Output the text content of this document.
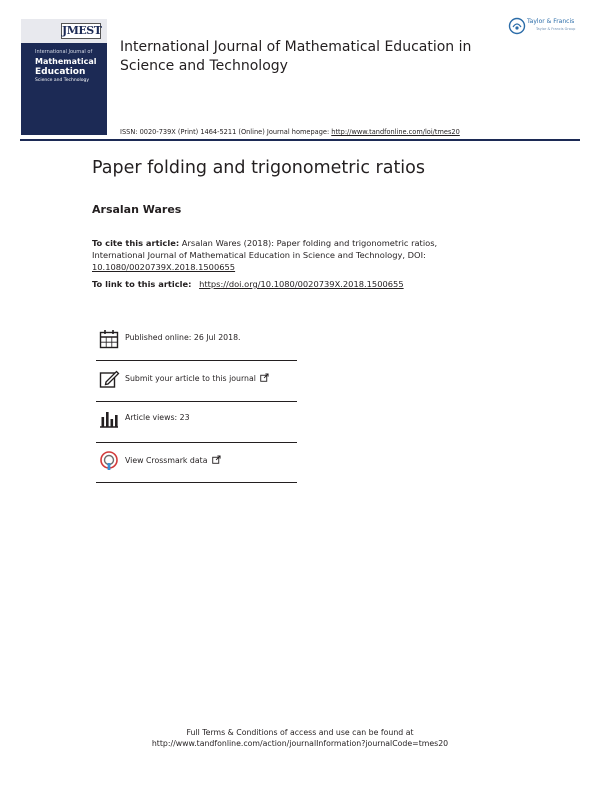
JMEST
International Journal of
Mathematical
Education
Science and Technology
International Journal of Mathematical Education in
Science and Technology
ISSN: 0020-739X (Print) 1464-5211 (Online) Journal homepage: http://www.tandfonline.com/loi/tmes20
Taylor & Francis
Taylor & Francis Group
Paper folding and trigonometric ratios
Arsalan Wares
To cite this article: Arsalan Wares (2018): Paper folding and trigonometric ratios, International Journal of Mathematical Education in Science and Technology, DOI: 10.1080/0020739X.2018.1500655
To link to this article: https://doi.org/10.1080/0020739X.2018.1500655
Published online: 26 Jul 2018.
Submit your article to this journal
Article views: 23
View Crossmark data
Full Terms & Conditions of access and use can be found at
http://www.tandfonline.com/action/journalInformation?journalCode=tmes20
